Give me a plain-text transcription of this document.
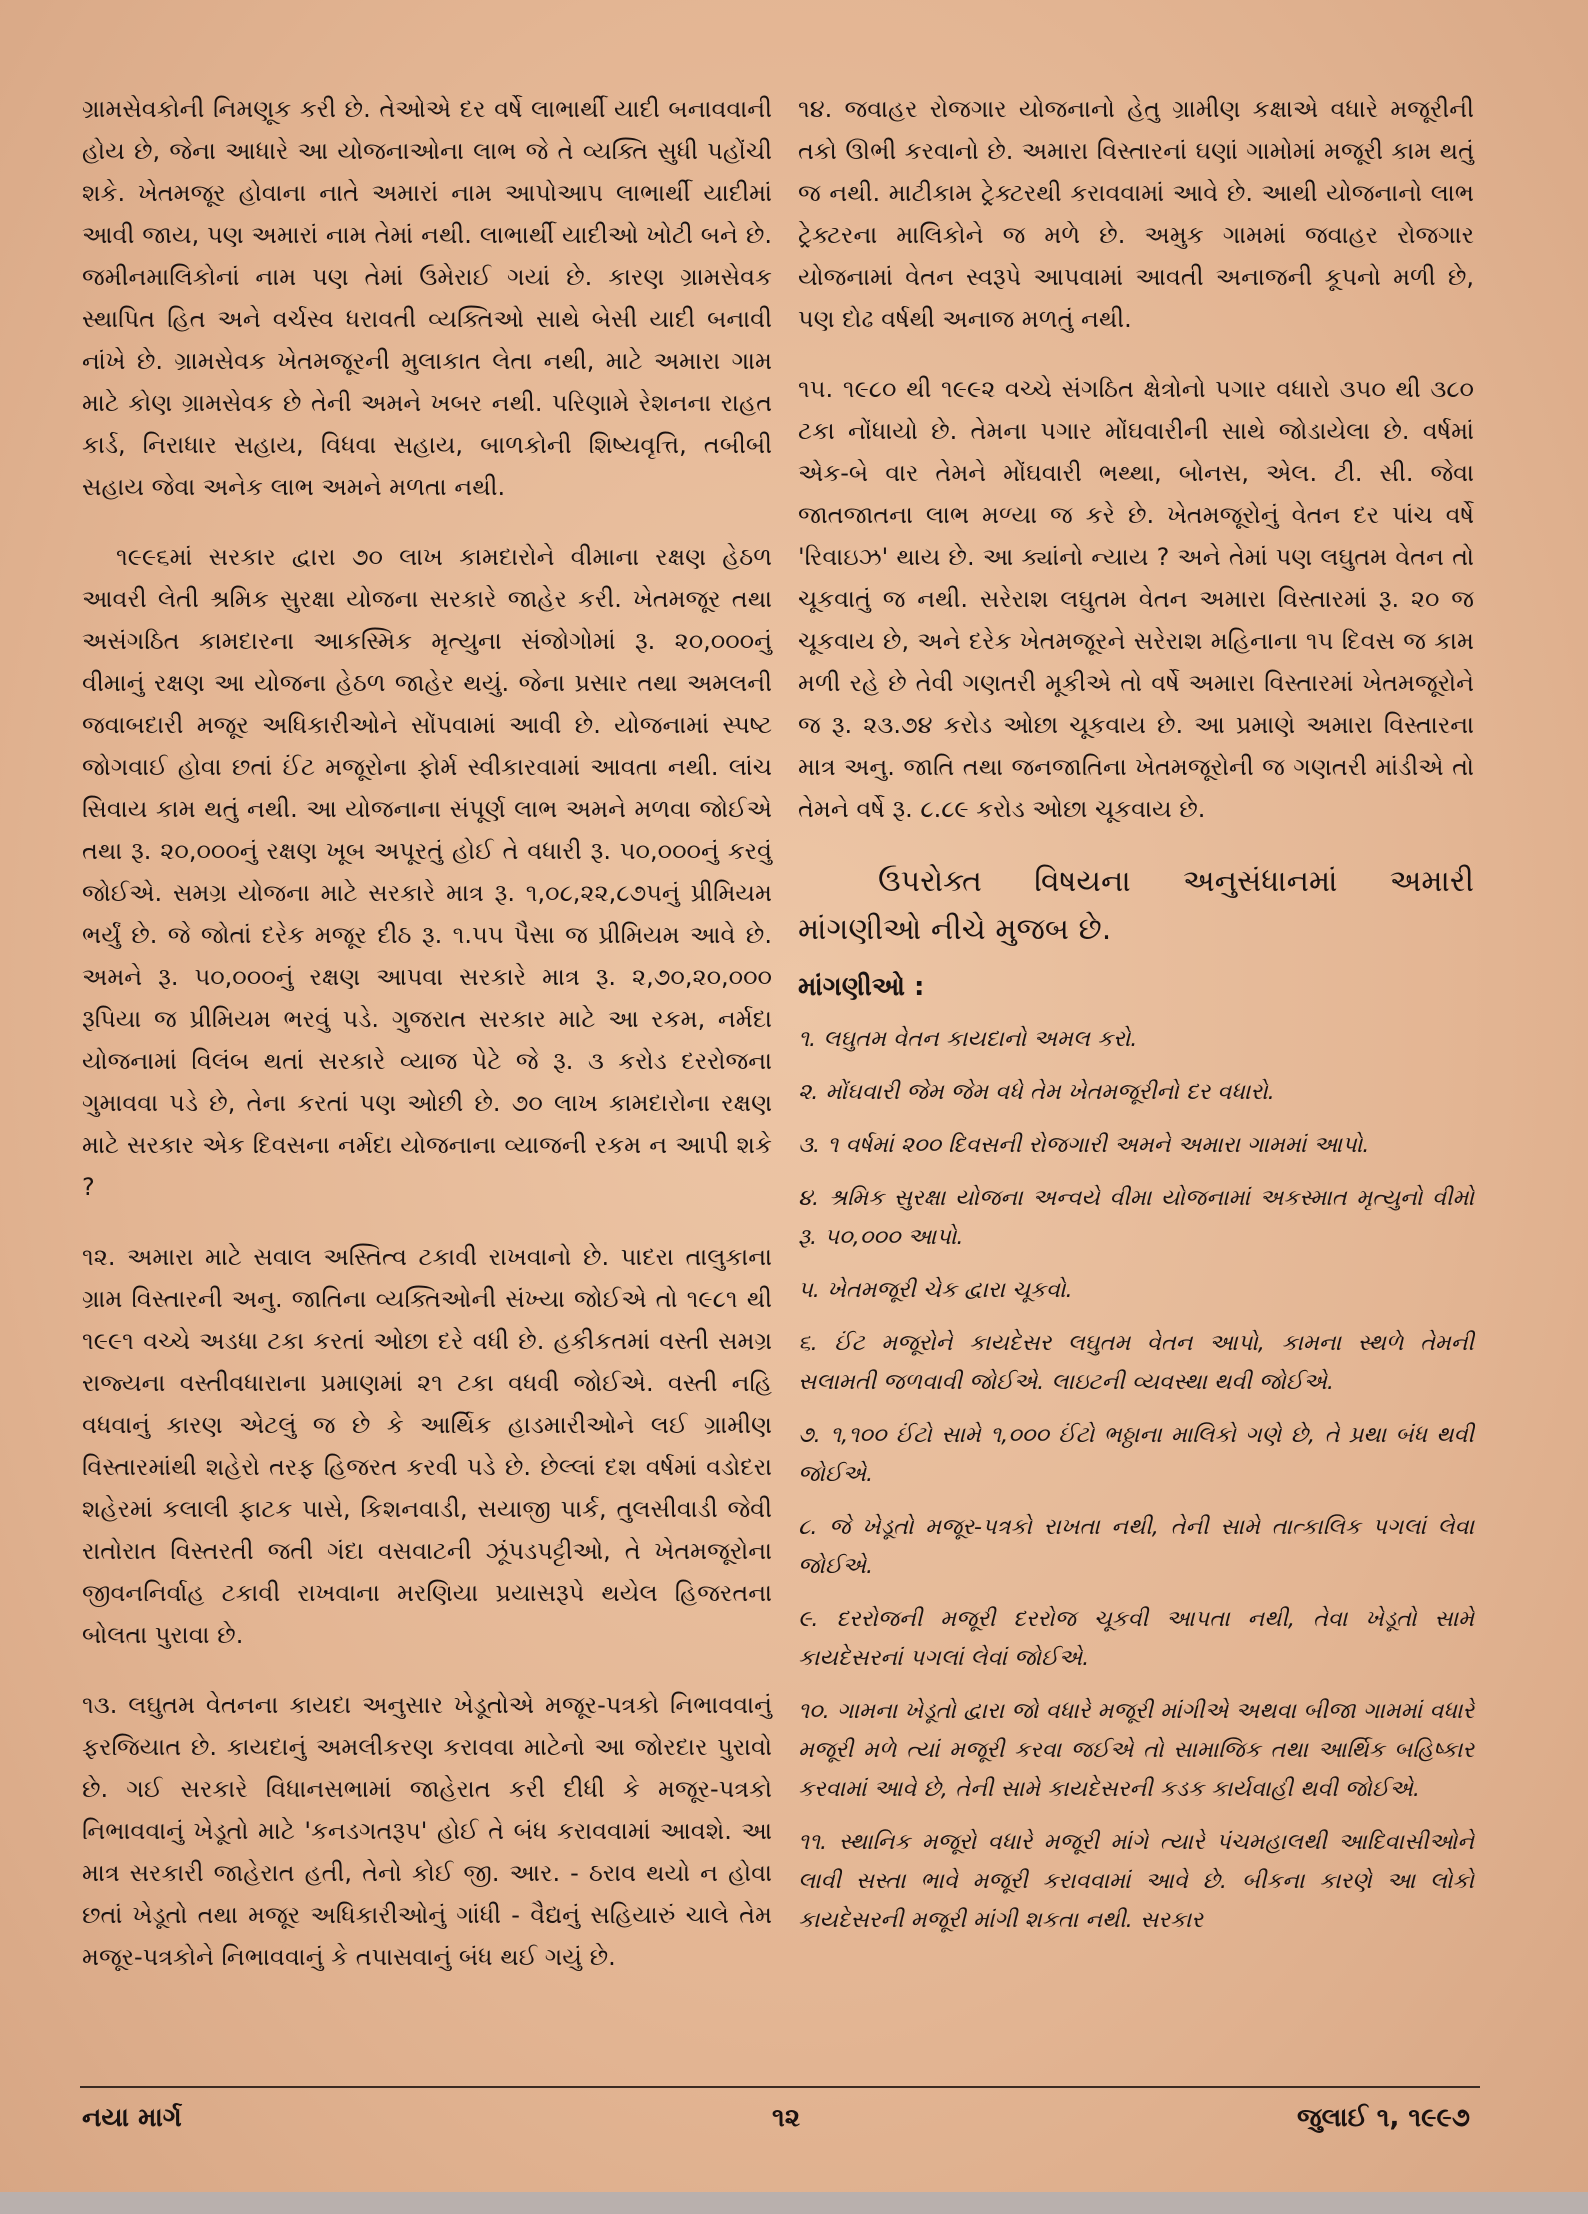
ગ્રામસેવકોની નિમણૂક કરી છે. તેઓએ દર વર્ષે લાભાર્થી યાદી બનાવવાની હોય છે, જેના આધારે આ યોજનાઓના લાભ જે તે વ્યક્તિ સુધી પહોંચી શકે. ખેતમજૂર હોવાના નાતે અમારાં નામ આપોઆપ લાભાર્થી યાદીમાં આવી જાય, પણ અમારાં નામ તેમાં નથી. લાભાર્થી યાદીઓ ખોટી બને છે. જમીનમાલિકોનાં નામ પણ તેમાં ઉમેરાઈ ગયાં છે. કારણ ગ્રામસેવક સ્થાપિત હિત અને વર્ચસ્વ ધરાવતી વ્યક્તિઓ સાથે બેસી યાદી બનાવી નાંખે છે. ગ્રામસેવક ખેતમજૂરની મુલાકાત લેતા નથી, માટે અમારા ગામ માટે કોણ ગ્રામસેવક છે તેની અમને ખબર નથી. પરિણામે રેશનના રાહત કાર્ડ, નિરાધાર સહાય, વિધવા સહાય, બાળકોની શિષ્યવૃત્તિ, તબીબી સહાય જેવા અનેક લાભ અમને મળતા નથી.

૧૯૯૬માં સરકાર દ્વારા ૭૦ લાખ કામદારોને વીમાના રક્ષણ હેઠળ આવરી લેતી શ્રમિક સુરક્ષા યોજના સરકારે જાહેર કરી. ખેતમજૂર તથા અસંગઠિત કામદારના આકસ્મિક મૃત્યુના સંજોગોમાં રૂ. ૨૦,૦૦૦નું વીમાનું રક્ષણ આ યોજના હેઠળ જાહેર થયું. જેના પ્રસાર તથા અમલની જવાબદારી મજૂર અધિકારીઓને સોંપવામાં આવી છે. યોજનામાં સ્પષ્ટ જોગવાઈ હોવા છતાં ઈંટ મજૂરોના ફોર્મ સ્વીકારવામાં આવતા નથી. લાંચ સિવાય કામ થતું નથી. આ યોજનાના સંપૂર્ણ લાભ અમને મળવા જોઈએ તથા રૂ. ૨૦,૦૦૦નું રક્ષણ ખૂબ અપૂરતું હોઈ તે વધારી રૂ. ૫૦,૦૦૦નું કરવું જોઈએ. સમગ્ર યોજના માટે સરકારે માત્ર રૂ. ૧,૦૮,૨૨,૮૭૫નું પ્રીમિયમ ભર્યું છે. જે જોતાં દરેક મજૂર દીઠ રૂ. ૧.૫૫ પૈસા જ પ્રીમિયમ આવે છે. અમને રૂ. ૫૦,૦૦૦નું રક્ષણ આપવા સરકારે માત્ર રૂ. ૨,૭૦,૨૦,૦૦૦ રૂપિયા જ પ્રીમિયમ ભરવું પડે. ગુજરાત સરકાર માટે આ રકમ, નર્મદા યોજનામાં વિલંબ થતાં સરકારે વ્યાજ પેટે જે રૂ. ૩ કરોડ દરરોજના ગુમાવવા પડે છે, તેના કરતાં પણ ઓછી છે. ૭૦ લાખ કામદારોના રક્ષણ માટે સરકાર એક દિવસના નર્મદા યોજનાના વ્યાજની રકમ ન આપી શકે ?

૧૨. અમારા માટે સવાલ અસ્તિત્વ ટકાવી રાખવાનો છે. પાદરા તાલુકાના ગ્રામ વિસ્તારની અનુ. જાતિના વ્યક્તિઓની સંખ્યા જોઈએ તો ૧૯૮૧ થી ૧૯૯૧ વચ્ચે અડધા ટકા કરતાં ઓછા દરે વધી છે. હકીકતમાં વસ્તી સમગ્ર રાજ્યના વસ્તીવધારાના પ્રમાણમાં ૨૧ ટકા વધવી જોઈએ. વસ્તી નહિ વધવાનું કારણ એટલું જ છે કે આર્થિક હાડમારીઓને લઈ ગ્રામીણ વિસ્તારમાંથી શહેરો તરફ હિજરત કરવી પડે છે. છેલ્લાં દશ વર્ષમાં વડોદરા શહેરમાં કલાલી ફાટક પાસે, કિશનવાડી, સયાજી પાર્ક, તુલસીવાડી જેવી રાતોરાત વિસ્તરતી જતી ગંદા વસવાટની ઝૂંપડપટ્ટીઓ, તે ખેતમજૂરોના જીવનનિર્વાહ ટકાવી રાખવાના મરણિયા પ્રયાસરૂપે થયેલ હિજરતના બોલતા પુરાવા છે.

૧૩. લઘુતમ વેતનના કાયદા અનુસાર ખેડૂતોએ મજૂર-પત્રકો નિભાવવાનું ફરજિયાત છે. કાયદાનું અમલીકરણ કરાવવા માટેનો આ જોરદાર પુરાવો છે. ગઈ સરકારે વિધાનસભામાં જાહેરાત કરી દીધી કે મજૂર-પત્રકો નિભાવવાનું ખેડૂતો માટે 'કનડગતરૂપ' હોઈ તે બંધ કરાવવામાં આવશે. આ માત્ર સરકારી જાહેરાત હતી, તેનો કોઈ જી. આર. - ઠરાવ થયો ન હોવા છતાં ખેડૂતો તથા મજૂર અધિકારીઓનું ગાંધી - વૈદ્યનું સહિયારું ચાલે તેમ મજૂર-પત્રકોને નિભાવવાનું કે તપાસવાનું બંધ થઈ ગયું છે.

૧૪. જવાહર રોજગાર યોજનાનો હેતુ ગ્રામીણ કક્ષાએ વધારે મજૂરીની તકો ઊભી કરવાનો છે. અમારા વિસ્તારનાં ઘણાં ગામોમાં મજૂરી કામ થતું જ નથી. માટીકામ ટ્રેક્ટરથી કરાવવામાં આવે છે. આથી યોજનાનો લાભ ટ્રેક્ટરના માલિકોને જ મળે છે. અમુક ગામમાં જવાહર રોજગાર યોજનામાં વેતન સ્વરૂપે આપવામાં આવતી અનાજની કૂપનો મળી છે, પણ દોઢ વર્ષથી અનાજ મળતું નથી.

૧૫. ૧૯૮૦ થી ૧૯૯૨ વચ્ચે સંગઠિત ક્ષેત્રોનો પગાર વધારો ૩૫૦ થી ૩૮૦ ટકા નોંધાયો છે. તેમના પગાર મોંઘવારીની સાથે જોડાયેલા છે. વર્ષમાં એક-બે વાર તેમને મોંઘવારી ભથ્થા, બોનસ, એલ. ટી. સી. જેવા જાતજાતના લાભ મળ્યા જ કરે છે. ખેતમજૂરોનું વેતન દર પાંચ વર્ષે 'રિવાઇઝ' થાય છે. આ ક્યાંનો ન્યાય ? અને તેમાં પણ લઘુતમ વેતન તો ચૂકવાતું જ નથી. સરેરાશ લઘુતમ વેતન અમારા વિસ્તારમાં રૂ. ૨૦ જ ચૂકવાય છે, અને દરેક ખેતમજૂરને સરેરાશ મહિનાના ૧૫ દિવસ જ કામ મળી રહે છે તેવી ગણતરી મૂકીએ તો વર્ષે અમારા વિસ્તારમાં ખેતમજૂરોને જ રૂ. ૨૩.૭૪ કરોડ ઓછા ચૂકવાય છે. આ પ્રમાણે અમારા વિસ્તારના માત્ર અનુ. જાતિ તથા જનજાતિના ખેતમજૂરોની જ ગણતરી માંડીએ તો તેમને વર્ષે રૂ. ૮.૮૯ કરોડ ઓછા ચૂકવાય છે.

ઉપરોક્ત વિષયના અનુસંધાનમાં અમારી માંગણીઓ નીચે મુજબ છે.

માંગણીઓ :

૧. લઘુતમ વેતન કાયદાનો અમલ કરો.
૨. મોંઘવારી જેમ જેમ વધે તેમ ખેતમજૂરીનો દર વધારો.
૩. ૧ વર્ષમાં ૨૦૦ દિવસની રોજગારી અમને અમારા ગામમાં આપો.
૪. શ્રમિક સુરક્ષા યોજના અન્વયે વીમા યોજનામાં અકસ્માત મૃત્યુનો વીમો રૂ. ૫૦,૦૦૦ આપો.
૫. ખેતમજૂરી ચેક દ્વારા ચૂકવો.
૬. ઈંટ મજૂરોને કાયદેસર લઘુતમ વેતન આપો, કામના સ્થળે તેમની સલામતી જળવાવી જોઈએ. લાઇટની વ્યવસ્થા થવી જોઈએ.
૭. ૧,૧૦૦ ઈંટો સામે ૧,૦૦૦ ઈંટો ભઠ્ઠાના માલિકો ગણે છે, તે પ્રથા બંધ થવી જોઈએ.
૮. જે ખેડૂતો મજૂર-પત્રકો રાખતા નથી, તેની સામે તાત્કાલિક પગલાં લેવા જોઈએ.
૯. દરરોજની મજૂરી દરરોજ ચૂકવી આપતા નથી, તેવા ખેડૂતો સામે કાયદેસરનાં પગલાં લેવાં જોઈએ.
૧૦. ગામના ખેડૂતો દ્વારા જો વધારે મજૂરી માંગીએ અથવા બીજા ગામમાં વધારે મજૂરી મળે ત્યાં મજૂરી કરવા જઈએ તો સામાજિક તથા આર્થિક બહિષ્કાર કરવામાં આવે છે, તેની સામે કાયદેસરની કડક કાર્યવાહી થવી જોઈએ.
૧૧. સ્થાનિક મજૂરો વધારે મજૂરી માંગે ત્યારે પંચમહાલથી આદિવાસીઓને લાવી સસ્તા ભાવે મજૂરી કરાવવામાં આવે છે. બીકના કારણે આ લોકો કાયદેસરની મજૂરી માંગી શકતા નથી. સરકાર
નયા માર્ગ	૧૨	જુલાઈ ૧, ૧૯૯૭
